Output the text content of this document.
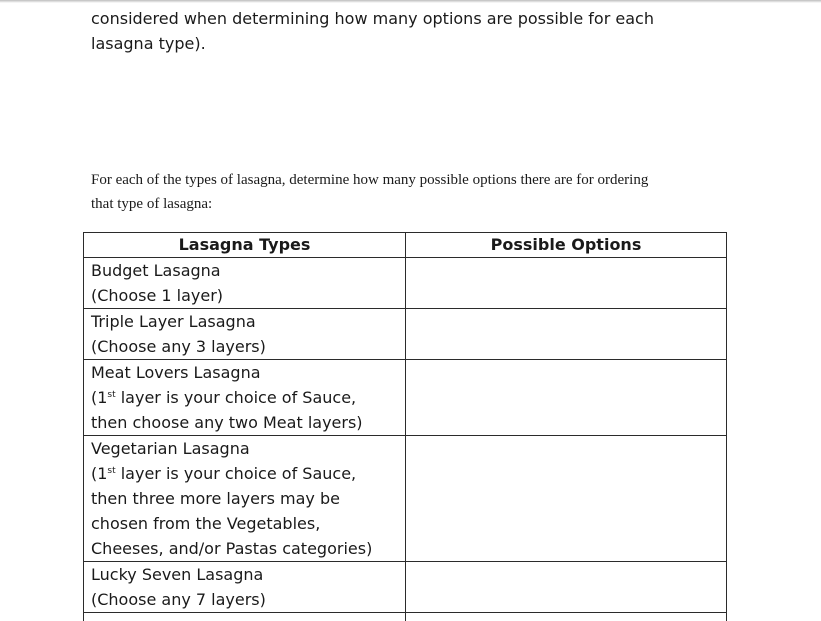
considered when determining how many options are possible for each
lasagna type).
For each of the types of lasagna, determine how many possible options there are for ordering
that type of lasagna:
Lasagna Types	Possible Options

Budget Lasagna
(Choose 1 layer)	

Triple Layer Lasagna
(Choose any 3 layers)	

Meat Lovers Lasagna
(1st layer is your choice of Sauce,
then choose any two Meat layers)	

Vegetarian Lasagna
(1st layer is your choice of Sauce,
then three more layers may be
chosen from the Vegetables,
Cheeses, and/or Pastas categories)	

Lucky Seven Lasagna
(Choose any 7 layers)	
